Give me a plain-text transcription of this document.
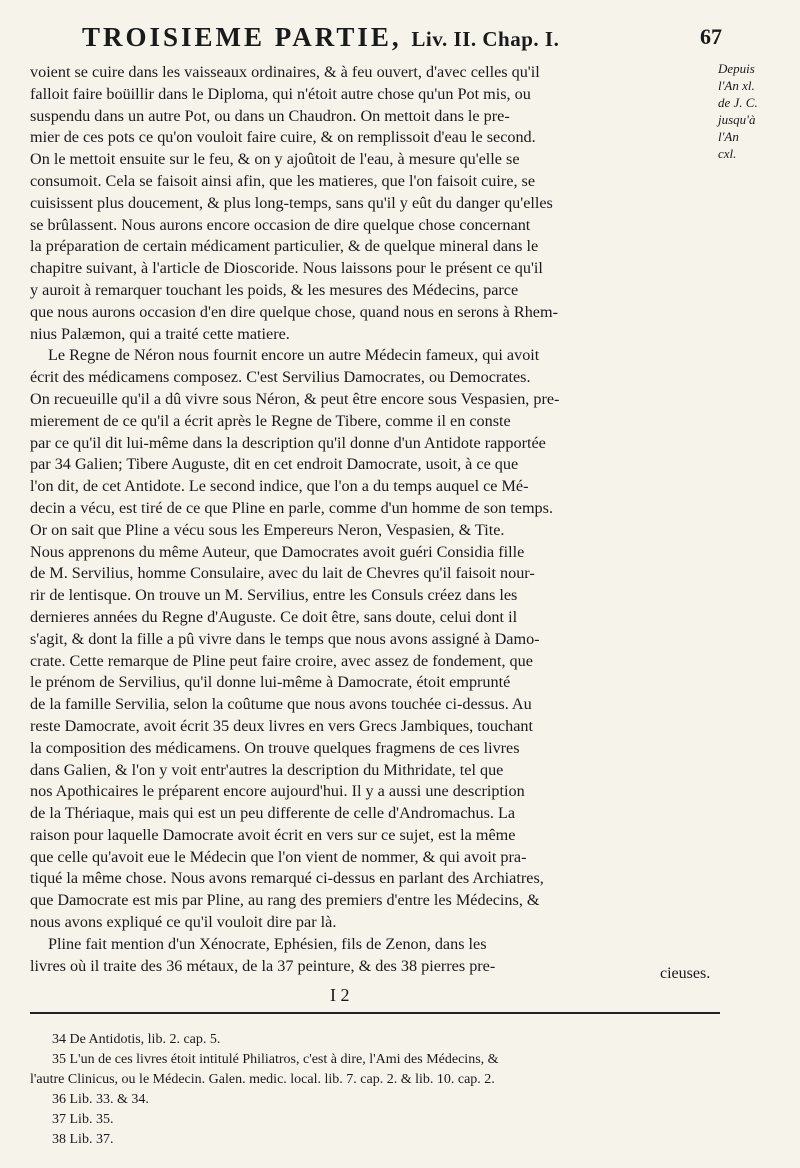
TROISIEME PARTIE, Liv. II. Chap. I.	67
Depuis
l'An xl.
de J. C.
jusqu'à
l'An
cxl.
voient se cuire dans les vaisseaux ordinaires, & à feu ouvert, d'avec celles qu'il
falloit faire boüillir dans le Diploma, qui n'étoit autre chose qu'un Pot mis, ou
suspendu dans un autre Pot, ou dans un Chaudron. On mettoit dans le pre-
mier de ces pots ce qu'on vouloit faire cuire, & on remplissoit d'eau le second.
On le mettoit ensuite sur le feu, & on y ajoûtoit de l'eau, à mesure qu'elle se
consumoit. Cela se faisoit ainsi afin, que les matieres, que l'on faisoit cuire, se
cuisissent plus doucement, & plus long-temps, sans qu'il y eût du danger qu'elles
se brûlassent. Nous aurons encore occasion de dire quelque chose concernant
la préparation de certain médicament particulier, & de quelque mineral dans le
chapitre suivant, à l'article de Dioscoride. Nous laissons pour le présent ce qu'il
y auroit à remarquer touchant les poids, & les mesures des Médecins, parce
que nous aurons occasion d'en dire quelque chose, quand nous en serons à Rhem-
nius Palæmon, qui a traité cette matiere.
Le Regne de Néron nous fournit encore un autre Médecin fameux, qui avoit
écrit des médicamens composez. C'est Servilius Damocrates, ou Democrates.
On recueuille qu'il a dû vivre sous Néron, & peut être encore sous Vespasien, pre-
mierement de ce qu'il a écrit après le Regne de Tibere, comme il en conste
par ce qu'il dit lui-même dans la description qu'il donne d'un Antidote rapportée
par 34 Galien; Tibere Auguste, dit en cet endroit Damocrate, usoit, à ce que
l'on dit, de cet Antidote. Le second indice, que l'on a du temps auquel ce Mé-
decin a vécu, est tiré de ce que Pline en parle, comme d'un homme de son temps.
Or on sait que Pline a vécu sous les Empereurs Neron, Vespasien, & Tite.
Nous apprenons du même Auteur, que Damocrates avoit guéri Considia fille
de M. Servilius, homme Consulaire, avec du lait de Chevres qu'il faisoit nour-
rir de lentisque. On trouve un M. Servilius, entre les Consuls créez dans les
dernieres années du Regne d'Auguste. Ce doit être, sans doute, celui dont il
s'agit, & dont la fille a pû vivre dans le temps que nous avons assigné à Damo-
crate. Cette remarque de Pline peut faire croire, avec assez de fondement, que
le prénom de Servilius, qu'il donne lui-même à Damocrate, étoit emprunté
de la famille Servilia, selon la coûtume que nous avons touchée ci-dessus. Au
reste Damocrate, avoit écrit 35 deux livres en vers Grecs Jambiques, touchant
la composition des médicamens. On trouve quelques fragmens de ces livres
dans Galien, & l'on y voit entr'autres la description du Mithridate, tel que
nos Apothicaires le préparent encore aujourd'hui. Il y a aussi une description
de la Thériaque, mais qui est un peu differente de celle d'Andromachus. La
raison pour laquelle Damocrate avoit écrit en vers sur ce sujet, est la même
que celle qu'avoit eue le Médecin que l'on vient de nommer, & qui avoit pra-
tiqué la même chose. Nous avons remarqué ci-dessus en parlant des Archiatres,
que Damocrate est mis par Pline, au rang des premiers d'entre les Médecins, &
nous avons expliqué ce qu'il vouloit dire par là.
Pline fait mention d'un Xénocrate, Ephésien, fils de Zenon, dans les
livres où il traite des 36 métaux, de la 37 peinture, & des 38 pierres pre-	cieuses.
I 2
34 De Antidotis, lib. 2. cap. 5.
35 L'un de ces livres étoit intitulé Philiatros, c'est à dire, l'Ami des Médecins, &
l'autre Clinicus, ou le Médecin. Galen. medic. local. lib. 7. cap. 2. & lib. 10. cap. 2.
36 Lib. 33. & 34.
37 Lib. 35.
38 Lib. 37.
